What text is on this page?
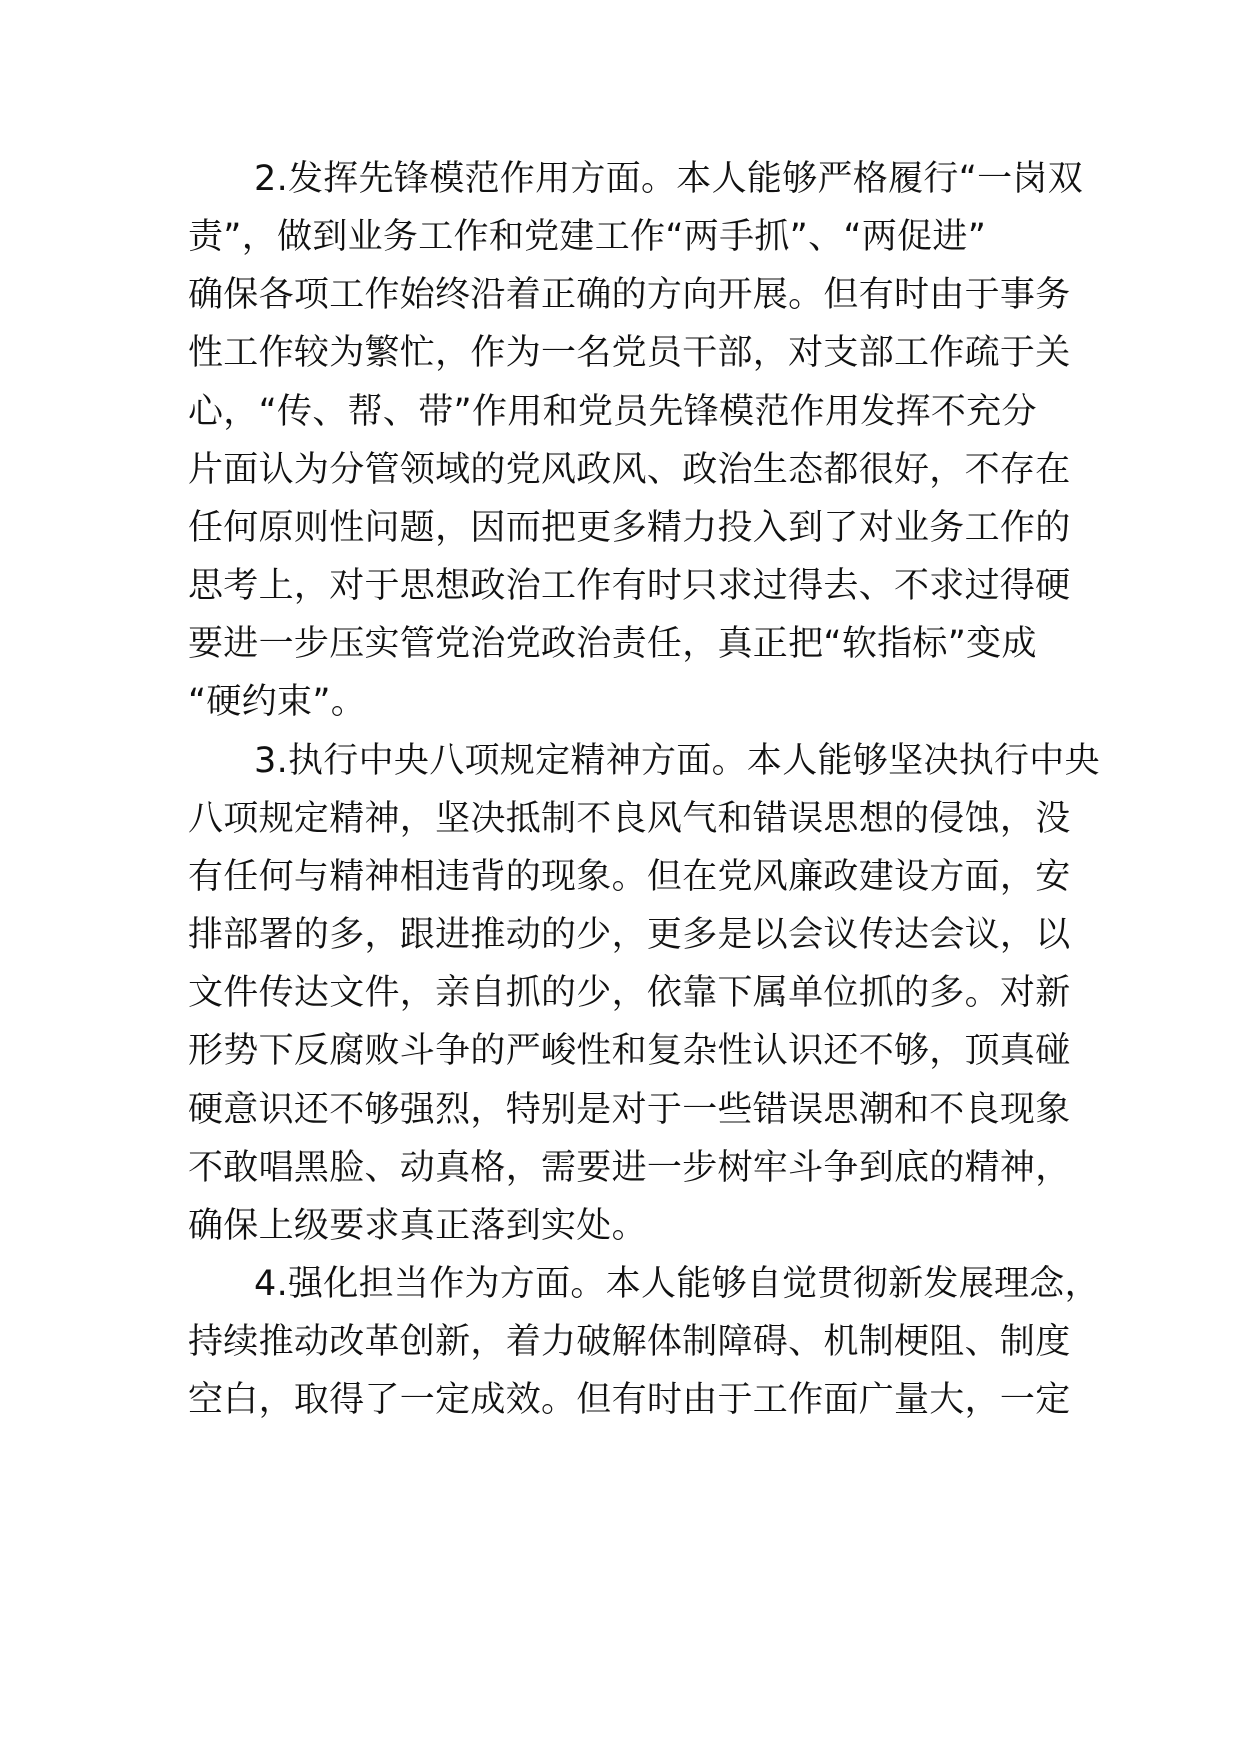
2.发挥先锋模范作用方面。本人能够严格履行“一岗双
责”，做到业务工作和党建工作“两手抓”、“两促进”
确保各项工作始终沿着正确的方向开展。但有时由于事务
性工作较为繁忙，作为一名党员干部，对支部工作疏于关
心，“传、帮、带”作用和党员先锋模范作用发挥不充分
片面认为分管领域的党风政风、政治生态都很好，不存在
任何原则性问题，因而把更多精力投入到了对业务工作的
思考上，对于思想政治工作有时只求过得去、不求过得硬
要进一步压实管党治党政治责任，真正把“软指标”变成
“硬约束”。
3.执行中央八项规定精神方面。本人能够坚决执行中央
八项规定精神，坚决抵制不良风气和错误思想的侵蚀，没
有任何与精神相违背的现象。但在党风廉政建设方面，安
排部署的多，跟进推动的少，更多是以会议传达会议，以
文件传达文件，亲自抓的少，依靠下属单位抓的多。对新
形势下反腐败斗争的严峻性和复杂性认识还不够，顶真碰
硬意识还不够强烈，特别是对于一些错误思潮和不良现象
不敢唱黑脸、动真格，需要进一步树牢斗争到底的精神，
确保上级要求真正落到实处。
4.强化担当作为方面。本人能够自觉贯彻新发展理念，
持续推动改革创新，着力破解体制障碍、机制梗阻、制度
空白，取得了一定成效。但有时由于工作面广量大，一定
